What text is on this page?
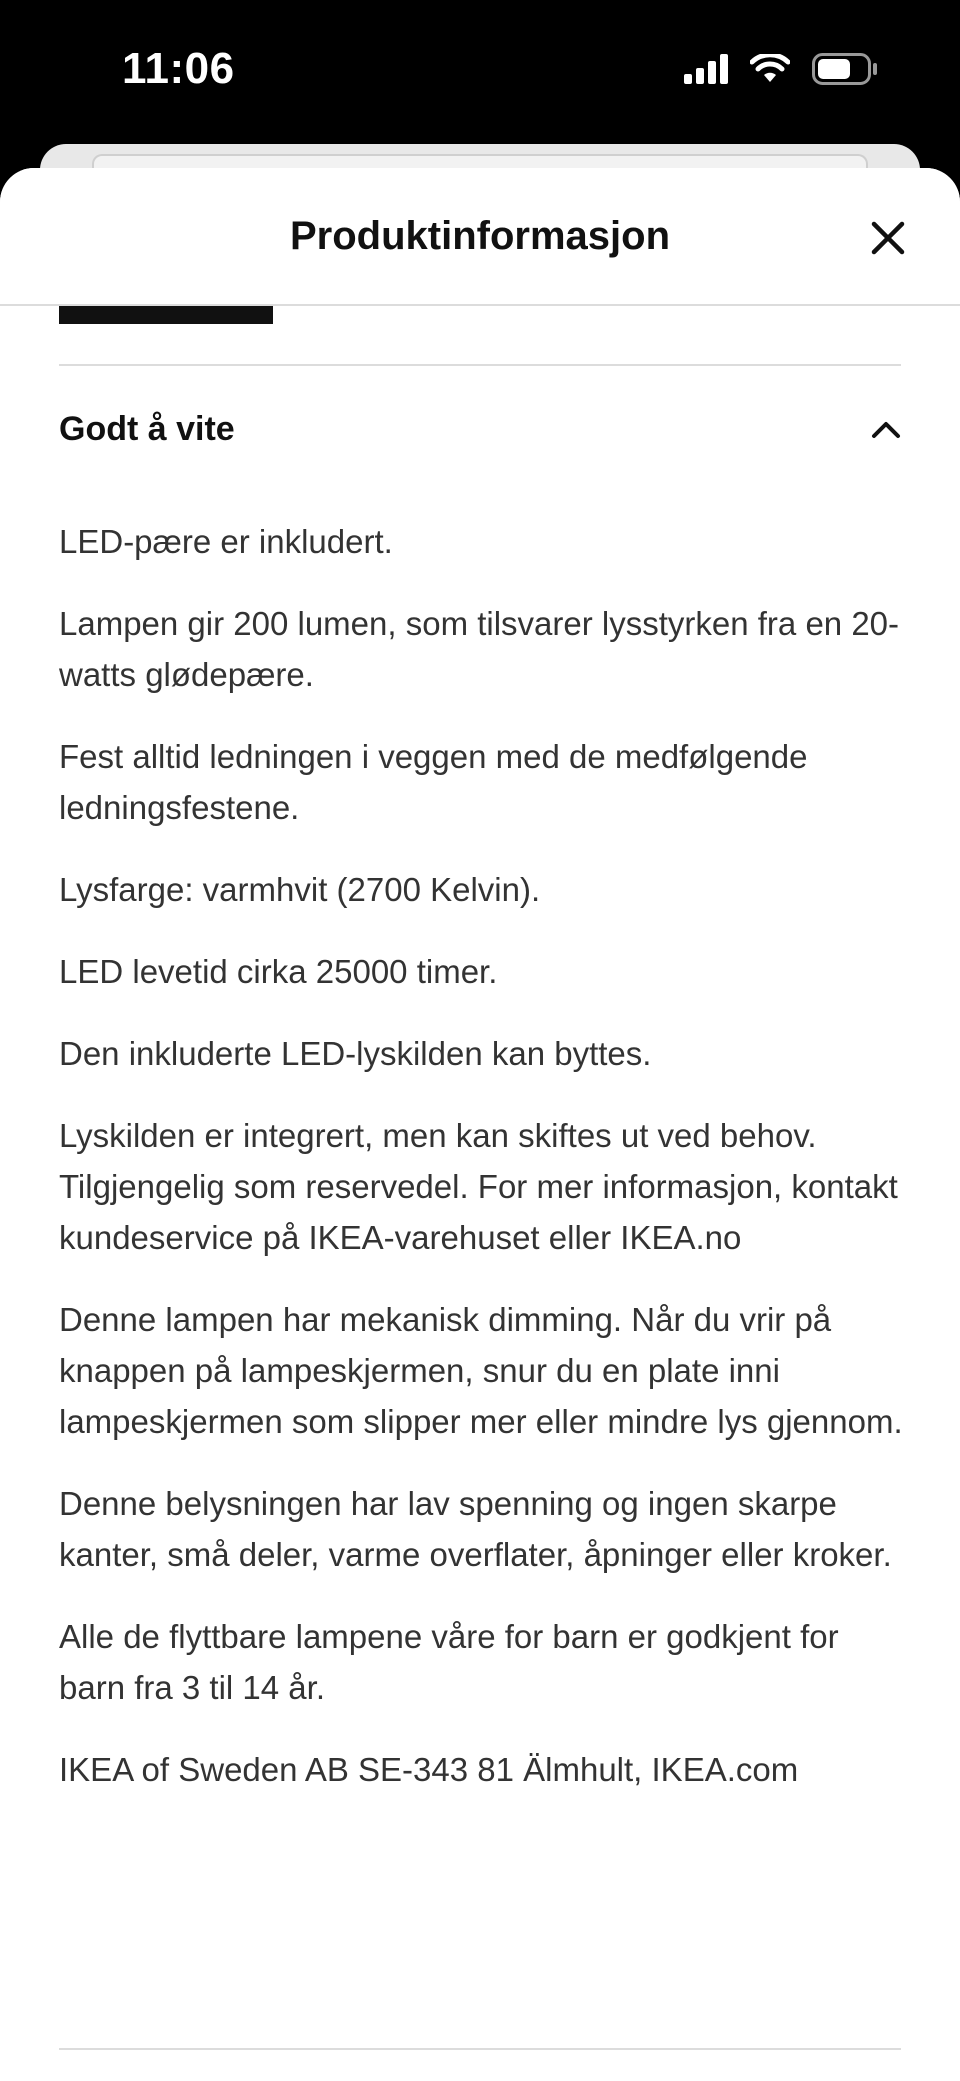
11:06
Produktinformasjon
Godt å vite

LED-pære er inkludert.

Lampen gir 200 lumen, som tilsvarer lysstyrken fra en 20-watts glødepære.

Fest alltid ledningen i veggen med de medfølgende ledningsfestene.

Lysfarge: varmhvit (2700 Kelvin).

LED levetid cirka 25000 timer.

Den inkluderte LED-lyskilden kan byttes.

Lyskilden er integrert, men kan skiftes ut ved behov. Tilgjengelig som reservedel. For mer informasjon, kontakt kundeservice på IKEA-varehuset eller IKEA.no

Denne lampen har mekanisk dimming. Når du vrir på knappen på lampeskjermen, snur du en plate inni lampeskjermen som slipper mer eller mindre lys gjennom.

Denne belysningen har lav spenning og ingen skarpe kanter, små deler, varme overflater, åpninger eller kroker.

Alle de flyttbare lampene våre for barn er godkjent for barn fra 3 til 14 år.

IKEA of Sweden AB SE-343 81 Älmhult, IKEA.com
